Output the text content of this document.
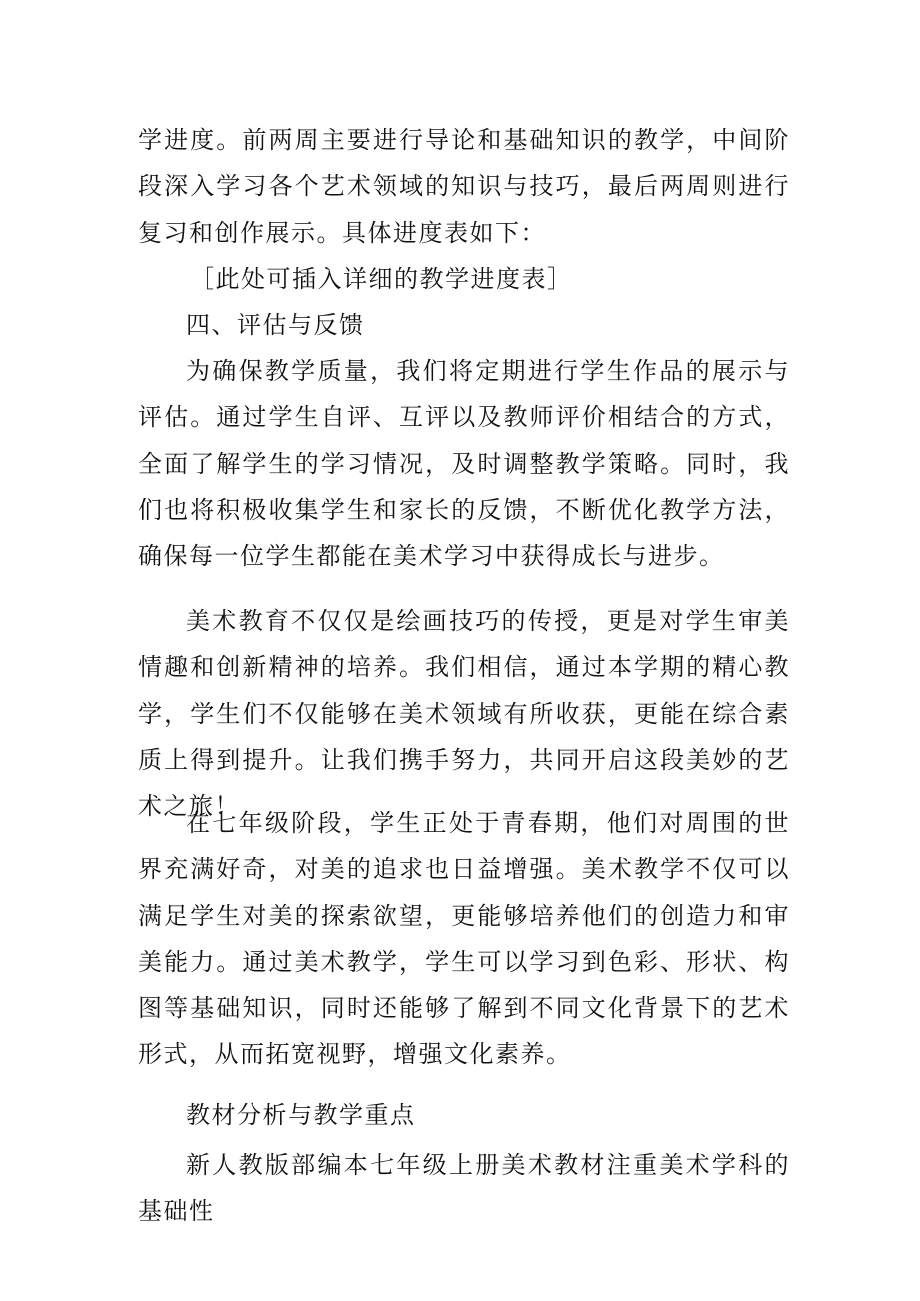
学进度。前两周主要进行导论和基础知识的教学，中间阶段深入学习各个艺术领域的知识与技巧，最后两周则进行复习和创作展示。具体进度表如下：

［此处可插入详细的教学进度表］

四、评估与反馈

为确保教学质量，我们将定期进行学生作品的展示与评估。通过学生自评、互评以及教师评价相结合的方式，全面了解学生的学习情况，及时调整教学策略。同时，我们也将积极收集学生和家长的反馈，不断优化教学方法，确保每一位学生都能在美术学习中获得成长与进步。

美术教育不仅仅是绘画技巧的传授，更是对学生审美情趣和创新精神的培养。我们相信，通过本学期的精心教学，学生们不仅能够在美术领域有所收获，更能在综合素质上得到提升。让我们携手努力，共同开启这段美妙的艺术之旅！

在七年级阶段，学生正处于青春期，他们对周围的世界充满好奇，对美的追求也日益增强。美术教学不仅可以满足学生对美的探索欲望，更能够培养他们的创造力和审美能力。通过美术教学，学生可以学习到色彩、形状、构图等基础知识，同时还能够了解到不同文化背景下的艺术形式，从而拓宽视野，增强文化素养。

教材分析与教学重点

新人教版部编本七年级上册美术教材注重美术学科的基础性
